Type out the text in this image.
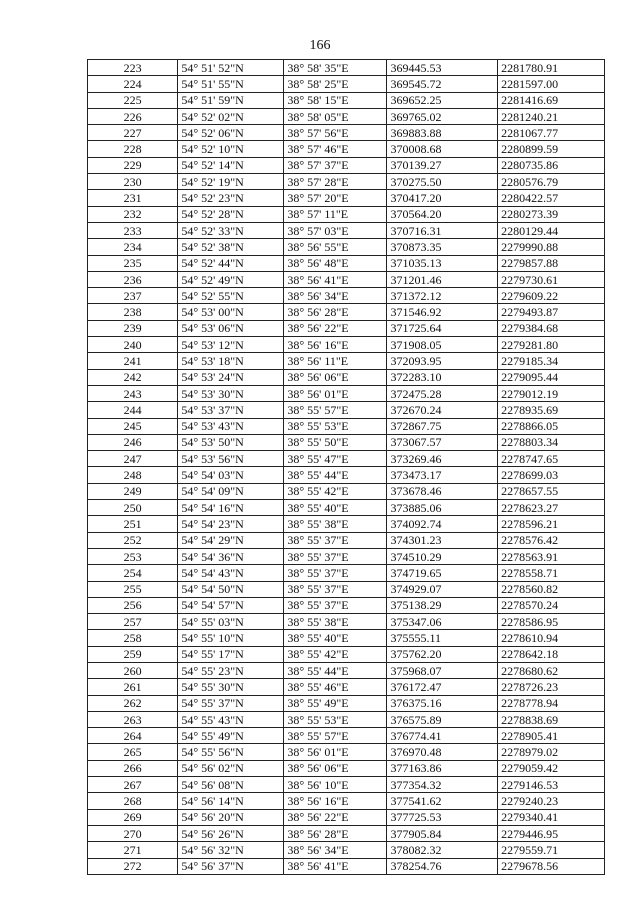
166
223	54° 51' 52"N	38° 58' 35"E	369445.53	2281780.91
224	54° 51' 55"N	38° 58' 25"E	369545.72	2281597.00
225	54° 51' 59"N	38° 58' 15"E	369652.25	2281416.69
226	54° 52' 02"N	38° 58' 05"E	369765.02	2281240.21
227	54° 52' 06"N	38° 57' 56"E	369883.88	2281067.77
228	54° 52' 10"N	38° 57' 46"E	370008.68	2280899.59
229	54° 52' 14"N	38° 57' 37"E	370139.27	2280735.86
230	54° 52' 19"N	38° 57' 28"E	370275.50	2280576.79
231	54° 52' 23"N	38° 57' 20"E	370417.20	2280422.57
232	54° 52' 28"N	38° 57' 11"E	370564.20	2280273.39
233	54° 52' 33"N	38° 57' 03"E	370716.31	2280129.44
234	54° 52' 38"N	38° 56' 55"E	370873.35	2279990.88
235	54° 52' 44"N	38° 56' 48"E	371035.13	2279857.88
236	54° 52' 49"N	38° 56' 41"E	371201.46	2279730.61
237	54° 52' 55"N	38° 56' 34"E	371372.12	2279609.22
238	54° 53' 00"N	38° 56' 28"E	371546.92	2279493.87
239	54° 53' 06"N	38° 56' 22"E	371725.64	2279384.68
240	54° 53' 12"N	38° 56' 16"E	371908.05	2279281.80
241	54° 53' 18"N	38° 56' 11"E	372093.95	2279185.34
242	54° 53' 24"N	38° 56' 06"E	372283.10	2279095.44
243	54° 53' 30"N	38° 56' 01"E	372475.28	2279012.19
244	54° 53' 37"N	38° 55' 57"E	372670.24	2278935.69
245	54° 53' 43"N	38° 55' 53"E	372867.75	2278866.05
246	54° 53' 50"N	38° 55' 50"E	373067.57	2278803.34
247	54° 53' 56"N	38° 55' 47"E	373269.46	2278747.65
248	54° 54' 03"N	38° 55' 44"E	373473.17	2278699.03
249	54° 54' 09"N	38° 55' 42"E	373678.46	2278657.55
250	54° 54' 16"N	38° 55' 40"E	373885.06	2278623.27
251	54° 54' 23"N	38° 55' 38"E	374092.74	2278596.21
252	54° 54' 29"N	38° 55' 37"E	374301.23	2278576.42
253	54° 54' 36"N	38° 55' 37"E	374510.29	2278563.91
254	54° 54' 43"N	38° 55' 37"E	374719.65	2278558.71
255	54° 54' 50"N	38° 55' 37"E	374929.07	2278560.82
256	54° 54' 57"N	38° 55' 37"E	375138.29	2278570.24
257	54° 55' 03"N	38° 55' 38"E	375347.06	2278586.95
258	54° 55' 10"N	38° 55' 40"E	375555.11	2278610.94
259	54° 55' 17"N	38° 55' 42"E	375762.20	2278642.18
260	54° 55' 23"N	38° 55' 44"E	375968.07	2278680.62
261	54° 55' 30"N	38° 55' 46"E	376172.47	2278726.23
262	54° 55' 37"N	38° 55' 49"E	376375.16	2278778.94
263	54° 55' 43"N	38° 55' 53"E	376575.89	2278838.69
264	54° 55' 49"N	38° 55' 57"E	376774.41	2278905.41
265	54° 55' 56"N	38° 56' 01"E	376970.48	2278979.02
266	54° 56' 02"N	38° 56' 06"E	377163.86	2279059.42
267	54° 56' 08"N	38° 56' 10"E	377354.32	2279146.53
268	54° 56' 14"N	38° 56' 16"E	377541.62	2279240.23
269	54° 56' 20"N	38° 56' 22"E	377725.53	2279340.41
270	54° 56' 26"N	38° 56' 28"E	377905.84	2279446.95
271	54° 56' 32"N	38° 56' 34"E	378082.32	2279559.71
272	54° 56' 37"N	38° 56' 41"E	378254.76	2279678.56
